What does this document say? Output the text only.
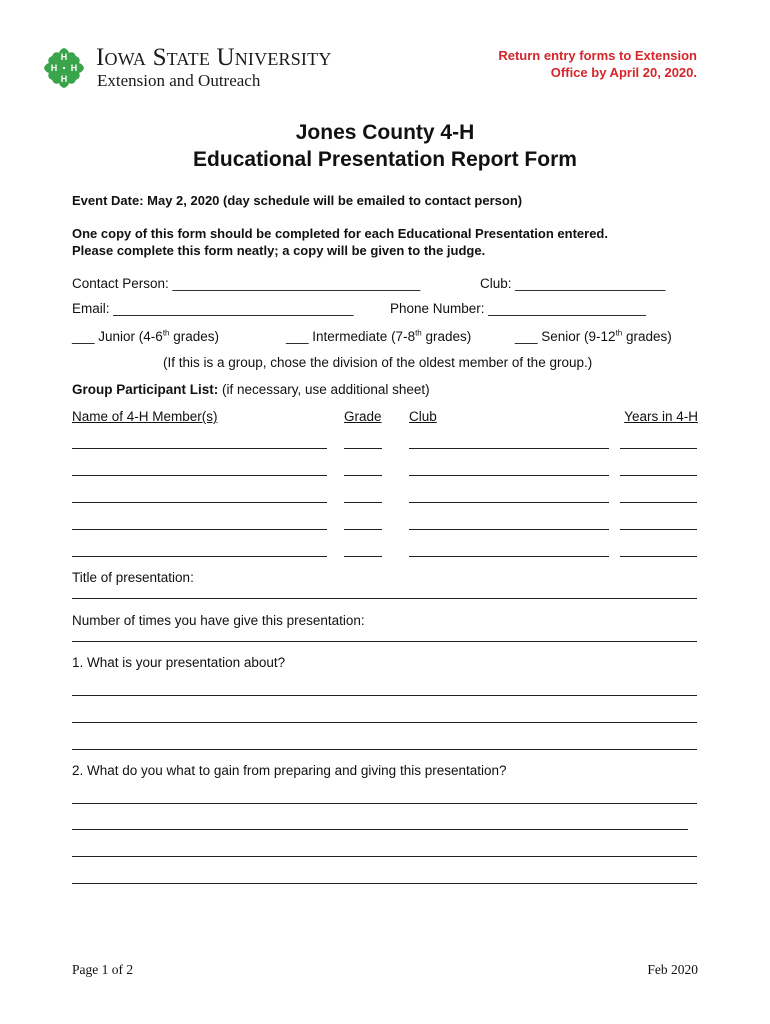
H
H
H
H Iowa State University
Extension and Outreach
Return entry forms to Extension
Office by April 20, 2020.
Jones County 4-H
Educational Presentation Report Form
Event Date: May 2, 2020 (day schedule will be emailed to contact person)
One copy of this form should be completed for each Educational Presentation entered.
Please complete this form neatly; a copy will be given to the judge.
Contact Person: _________________________________	Club: ____________________
Email: ________________________________	Phone Number: _____________________
___ Junior (4-6th grades)	___ Intermediate (7-8th grades)	___ Senior (9-12th grades)
(If this is a group, chose the division of the oldest member of the group.)
Group Participant List: (if necessary, use additional sheet)
Name of 4-H Member(s)	Grade Club	Years in 4-H
Title of presentation:
Number of times you have give this presentation:
1. What is your presentation about?
2. What do you what to gain from preparing and giving this presentation?
Page 1 of 2	Feb 2020
